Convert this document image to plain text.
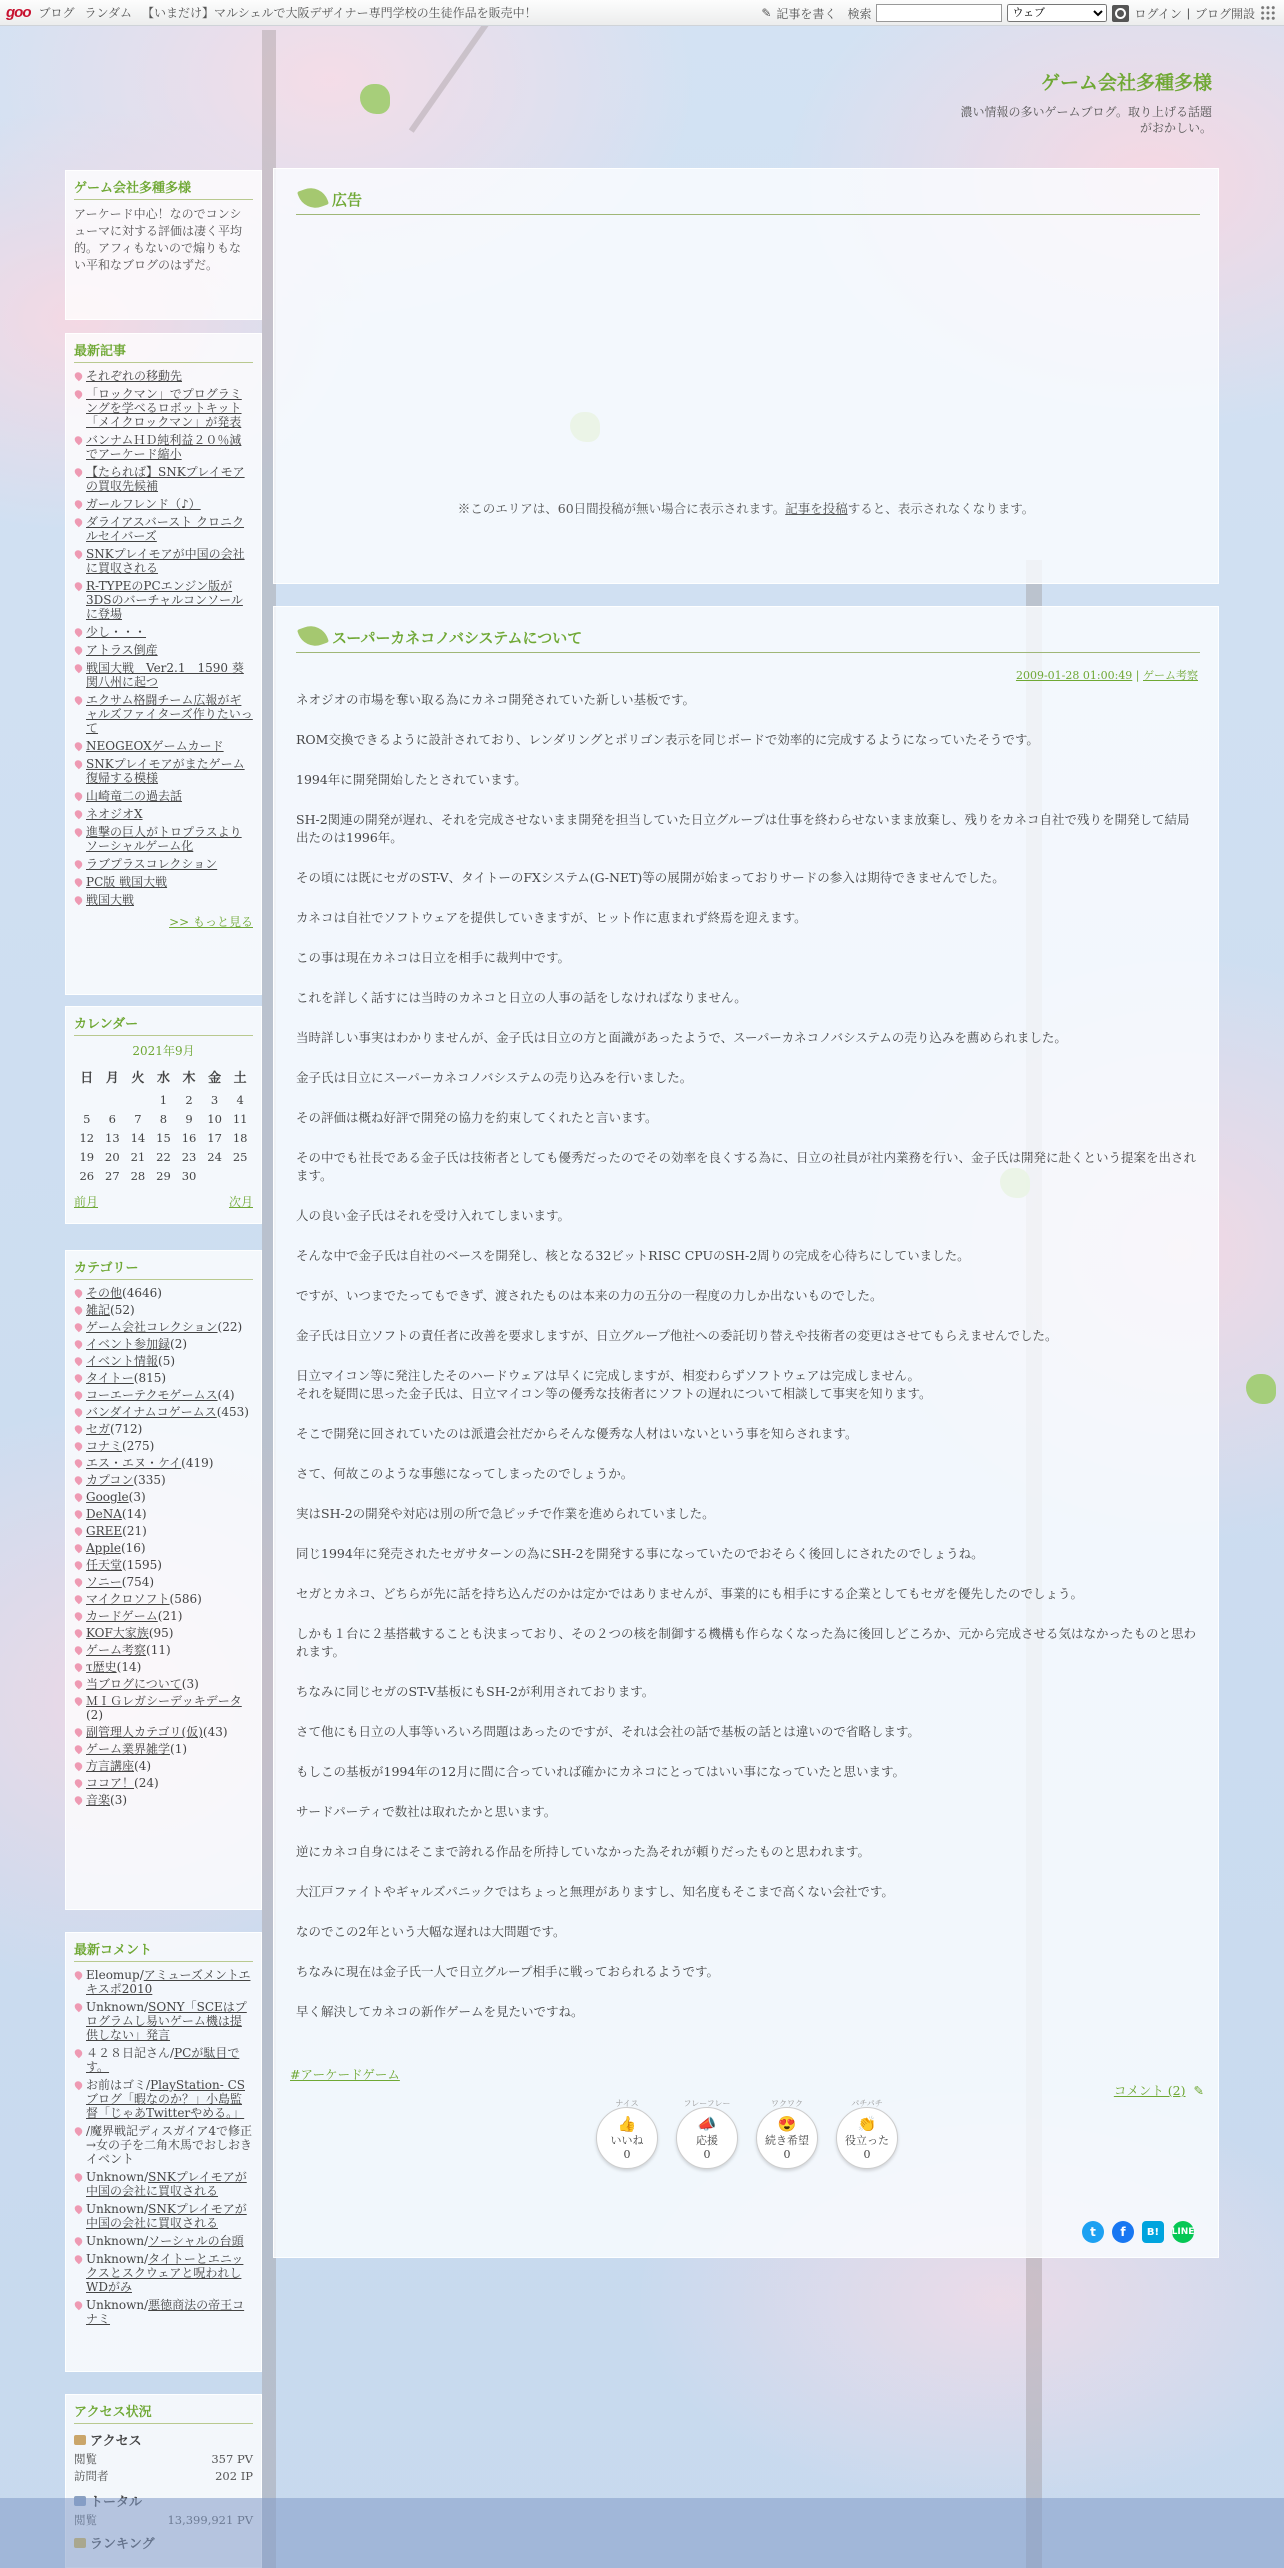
goo ブログ ランダム 【いまだけ】マルシェルで大阪デザイナー専門学校の生徒作品を販売中！	✎ 記事を書く 検索
ウェブ	ログイン | ブログ開設
ゲーム会社多種多様
濃い情報の多いゲームブログ。取り上げる話題がおかしい。
ゲーム会社多種多様

アーケード中心！なのでコンシューマに対する評価は凄く平均的。アフィもないので煽りもない平和なブログのはずだ。

最新記事
それぞれの移動先
「ロックマン」でプログラミングを学べるロボットキット「メイクロックマン」が発表
バンナムＨＤ純利益２０％減でアーケード縮小
【たられば】SNKプレイモアの買収先候補
ガールフレンド（♪）
ダライアスバースト クロニクルセイバーズ
SNKプレイモアが中国の会社に買収される
R-TYPEのPCエンジン版が3DSのバーチャルコンソールに登場
少し・・・
アトラス倒産
戦国大戦　Ver2.1　1590 葵 関八州に起つ
エクサム格闘チーム広報がギャルズファイターズ作りたいって
NEOGEOXゲームカード
SNKプレイモアがまたゲーム復帰する模様
山崎竜二の過去話
ネオジオX
進撃の巨人がトロプラスよりソーシャルゲーム化
ラブプラスコレクション
PC版 戦国大戦
戦国大戦
>> もっと見る
カレンダー
2021年9月
日	月	火	水	木	金	土
			1	2	3	4
5	6	7	8	9	10	11
12	13	14	15	16	17	18
19	20	21	22	23	24	25
26	27	28	29	30		
前月	次月
カテゴリー
その他(4646)
雑記(52)
ゲーム会社コレクション(22)
イベント参加録(2)
イベント情報(5)
タイトー(815)
コーエーテクモゲームス(4)
バンダイナムコゲームス(453)
セガ(712)
コナミ(275)
エス・エヌ・ケイ(419)
カプコン(335)
Google(3)
DeNA(14)
GREE(21)
Apple(16)
任天堂(1595)
ソニー(754)
マイクロソフト(586)
カードゲーム(21)
KOF大家族(95)
ゲーム考察(11)
τ歴史(14)
当ブログについて(3)
ＭＩＧレガシーデッキデータ(2)
副管理人カテゴリ(仮)(43)
ゲーム業界雑学(1)
方言講座(4)
ココア！(24)
音楽(3)
最新コメント
Eleomup/アミューズメントエキスポ2010
Unknown/SONY「SCEはプログラムし易いゲーム機は提供しない」発言
４２８日記さん/PCが駄目です。
お前はゴミ/PlayStation- CSブログ「暇なのか？」小島監督「じゃあTwitterやめる。」
/魔界戦記ディスガイア4で修正→女の子を二角木馬でおしおきイベント
Unknown/SNKプレイモアが中国の会社に買収される
Unknown/SNKプレイモアが中国の会社に買収される
Unknown/ソーシャルの台頭
Unknown/タイトーとエニックスとスクウェアと呪われしWDがみ
Unknown/悪徳商法の帝王コナミ
アクセス状況
アクセス
閲覧	357 PV
訪問者	202 IP
広告
※このエリアは、60日間投稿が無い場合に表示されます。記事を投稿すると、表示されなくなります。
スーパーカネコノバシステムについて
2009-01-28 01:00:49 | ゲーム考察

ネオジオの市場を奪い取る為にカネコ開発されていた新しい基板です。

ROM交換できるように設計されており、レンダリングとポリゴン表示を同じボードで効率的に完成するようになっていたそうです。

1994年に開発開始したとされています。

SH-2関連の開発が遅れ、それを完成させないまま開発を担当していた日立グループは仕事を終わらせないまま放棄し、残りをカネコ自社で残りを開発して結局出たのは1996年。

その頃には既にセガのST-V、タイトーのFXシステム(G-NET)等の展開が始まっておりサードの参入は期待できませんでした。

カネコは自社でソフトウェアを提供していきますが、ヒット作に恵まれず終焉を迎えます。

この事は現在カネコは日立を相手に裁判中です。

これを詳しく話すには当時のカネコと日立の人事の話をしなければなりません。

当時詳しい事実はわかりませんが、金子氏は日立の方と面識があったようで、スーパーカネコノバシステムの売り込みを薦められました。

金子氏は日立にスーパーカネコノバシステムの売り込みを行いました。

その評価は概ね好評で開発の協力を約束してくれたと言います。

その中でも社長である金子氏は技術者としても優秀だったのでその効率を良くする為に、日立の社員が社内業務を行い、金子氏は開発に赴くという提案を出されます。

人の良い金子氏はそれを受け入れてしまいます。

そんな中で金子氏は自社のベースを開発し、核となる32ビットRISC CPUのSH-2周りの完成を心待ちにしていました。

ですが、いつまでたってもできず、渡されたものは本来の力の五分の一程度の力しか出ないものでした。

金子氏は日立ソフトの責任者に改善を要求しますが、日立グループ他社への委託切り替えや技術者の変更はさせてもらえませんでした。

日立マイコン等に発注したそのハードウェアは早くに完成しますが、相変わらずソフトウェアは完成しません。
それを疑問に思った金子氏は、日立マイコン等の優秀な技術者にソフトの遅れについて相談して事実を知ります。

そこで開発に回されていたのは派遣会社だからそんな優秀な人材はいないという事を知らされます。

さて、何故このような事態になってしまったのでしょうか。

実はSH-2の開発や対応は別の所で急ピッチで作業を進められていました。

同じ1994年に発売されたセガサターンの為にSH-2を開発する事になっていたのでおそらく後回しにされたのでしょうね。

セガとカネコ、どちらが先に話を持ち込んだのかは定かではありませんが、事業的にも相手にする企業としてもセガを優先したのでしょう。

しかも１台に２基搭載することも決まっており、その２つの核を制御する機構も作らなくなった為に後回しどころか、元から完成させる気はなかったものと思われます。

ちなみに同じセガのST-V基板にもSH-2が利用されております。

さて他にも日立の人事等いろいろ問題はあったのですが、それは会社の話で基板の話とは違いので省略します。

もしこの基板が1994年の12月に間に合っていれば確かにカネコにとってはいい事になっていたと思います。

サードパーティで数社は取れたかと思います。

逆にカネコ自身にはそこまで誇れる作品を所持していなかった為それが頼りだったものと思われます。

大江戸ファイトやギャルズパニックではちょっと無理がありますし、知名度もそこまで高くない会社です。

なのでこの2年という大幅な遅れは大問題です。

ちなみに現在は金子氏一人で日立グループ相手に戦っておられるようです。

早く解決してカネコの新作ゲームを見たいですね。

#アーケードゲーム
コメント (2) ✎
ナイス
👍
いいね
0
フレーフレー
📣
応援
0
ワクワク
😍
続き希望
0
パチパチ
👏
役立った
0
t	f	B!	LINE
